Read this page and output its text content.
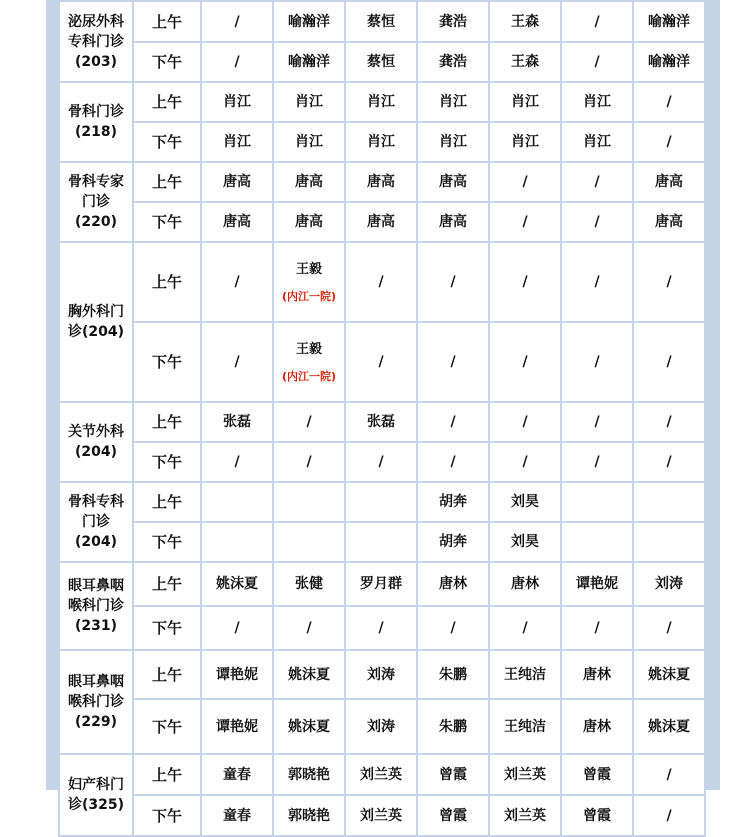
泌尿外科专科门诊(203)	上午	/	喻瀚洋	蔡恒	龚浩	王森	/	喻瀚洋
	下午	/	喻瀚洋	蔡恒	龚浩	王森	/	喻瀚洋
骨科门诊(218)	上午	肖江	肖江	肖江	肖江	肖江	肖江	/
	下午	肖江	肖江	肖江	肖江	肖江	肖江	/
骨科专家门诊(220)	上午	唐高	唐高	唐高	唐高	/	/	唐高
	下午	唐高	唐高	唐高	唐高	/	/	唐高
胸外科门诊(204)	上午	/	王毅
(内江一院)	/	/	/	/	/
	下午	/	王毅
(内江一院)	/	/	/	/	/
关节外科(204)	上午	张磊	/	张磊	/	/	/	/
	下午	/	/	/	/	/	/	/
骨科专科门诊(204)	上午				胡奔	刘昊		
	下午				胡奔	刘昊		
眼耳鼻咽喉科门诊(231)	上午	姚沫夏	张健	罗月群	唐林	唐林	谭艳妮	刘涛
	下午	/	/	/	/	/	/	/
眼耳鼻咽喉科门诊(229)	上午	谭艳妮	姚沫夏	刘涛	朱鹏	王纯洁	唐林	姚沫夏
	下午	谭艳妮	姚沫夏	刘涛	朱鹏	王纯洁	唐林	姚沫夏
妇产科门诊(325)	上午	童春	郭晓艳	刘兰英	曾霞	刘兰英	曾霞	/
	下午	童春	郭晓艳	刘兰英	曾霞	刘兰英	曾霞	/
